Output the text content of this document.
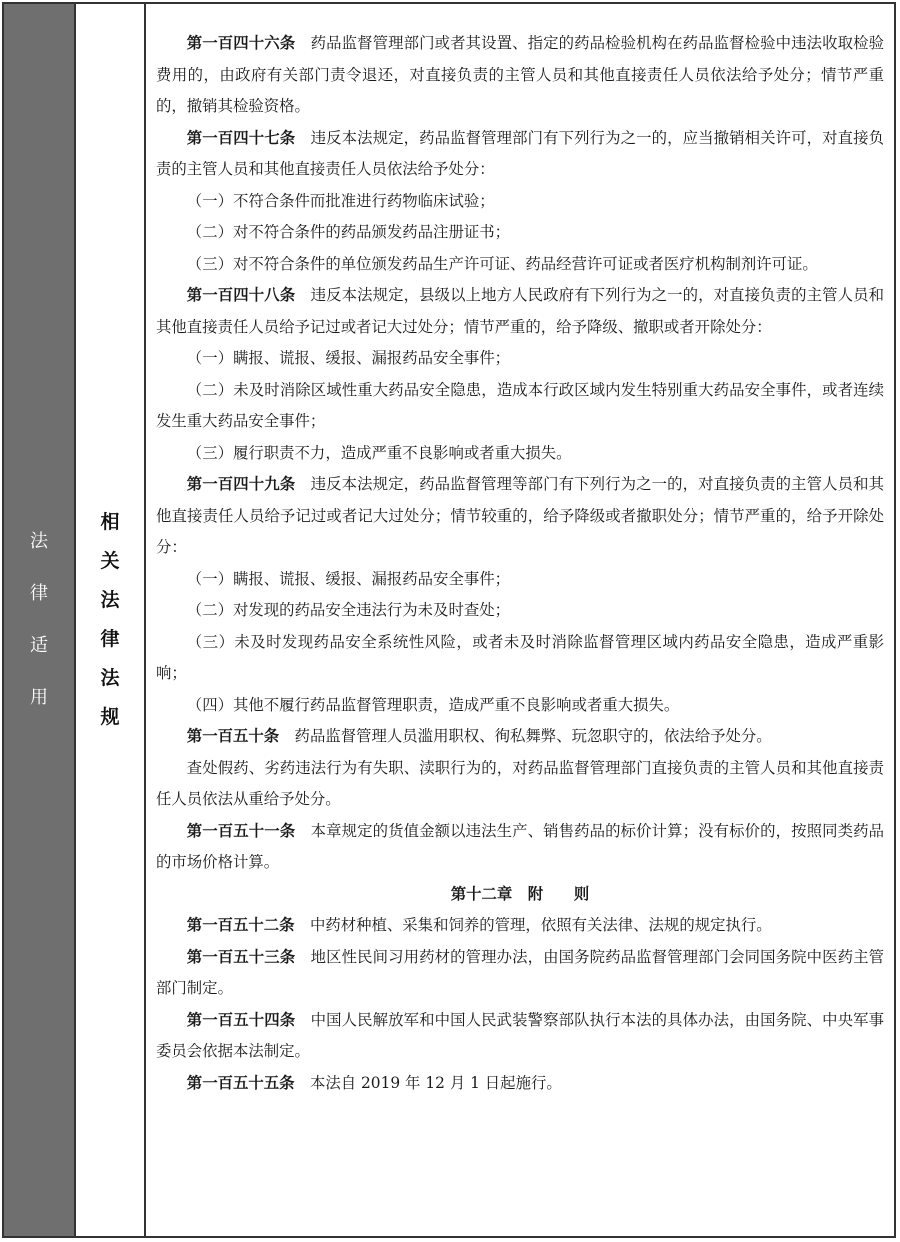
法
律
适
用
相
关
法
律
法
规

第一百四十六条 药品监督管理部门或者其设置、指定的药品检验机构在药品监督检验中违法收取检验费用的，由政府有关部门责令退还，对直接负责的主管人员和其他直接责任人员依法给予处分；情节严重的，撤销其检验资格。

第一百四十七条 违反本法规定，药品监督管理部门有下列行为之一的，应当撤销相关许可，对直接负责的主管人员和其他直接责任人员依法给予处分：

（一）不符合条件而批准进行药物临床试验；

（二）对不符合条件的药品颁发药品注册证书；

（三）对不符合条件的单位颁发药品生产许可证、药品经营许可证或者医疗机构制剂许可证。

第一百四十八条 违反本法规定，县级以上地方人民政府有下列行为之一的，对直接负责的主管人员和其他直接责任人员给予记过或者记大过处分；情节严重的，给予降级、撤职或者开除处分：

（一）瞒报、谎报、缓报、漏报药品安全事件；

（二）未及时消除区域性重大药品安全隐患，造成本行政区域内发生特别重大药品安全事件，或者连续发生重大药品安全事件；

（三）履行职责不力，造成严重不良影响或者重大损失。

第一百四十九条 违反本法规定，药品监督管理等部门有下列行为之一的，对直接负责的主管人员和其他直接责任人员给予记过或者记大过处分；情节较重的，给予降级或者撤职处分；情节严重的，给予开除处分：

（一）瞒报、谎报、缓报、漏报药品安全事件；

（二）对发现的药品安全违法行为未及时查处；

（三）未及时发现药品安全系统性风险，或者未及时消除监督管理区域内药品安全隐患，造成严重影响；

（四）其他不履行药品监督管理职责，造成严重不良影响或者重大损失。

第一百五十条 药品监督管理人员滥用职权、徇私舞弊、玩忽职守的，依法给予处分。

查处假药、劣药违法行为有失职、渎职行为的，对药品监督管理部门直接负责的主管人员和其他直接责任人员依法从重给予处分。

第一百五十一条 本章规定的货值金额以违法生产、销售药品的标价计算；没有标价的，按照同类药品的市场价格计算。

第十二章　附　　则

第一百五十二条 中药材种植、采集和饲养的管理，依照有关法律、法规的规定执行。

第一百五十三条 地区性民间习用药材的管理办法，由国务院药品监督管理部门会同国务院中医药主管部门制定。

第一百五十四条 中国人民解放军和中国人民武装警察部队执行本法的具体办法，由国务院、中央军事委员会依据本法制定。

第一百五十五条 本法自 2019 年 12 月 1 日起施行。
